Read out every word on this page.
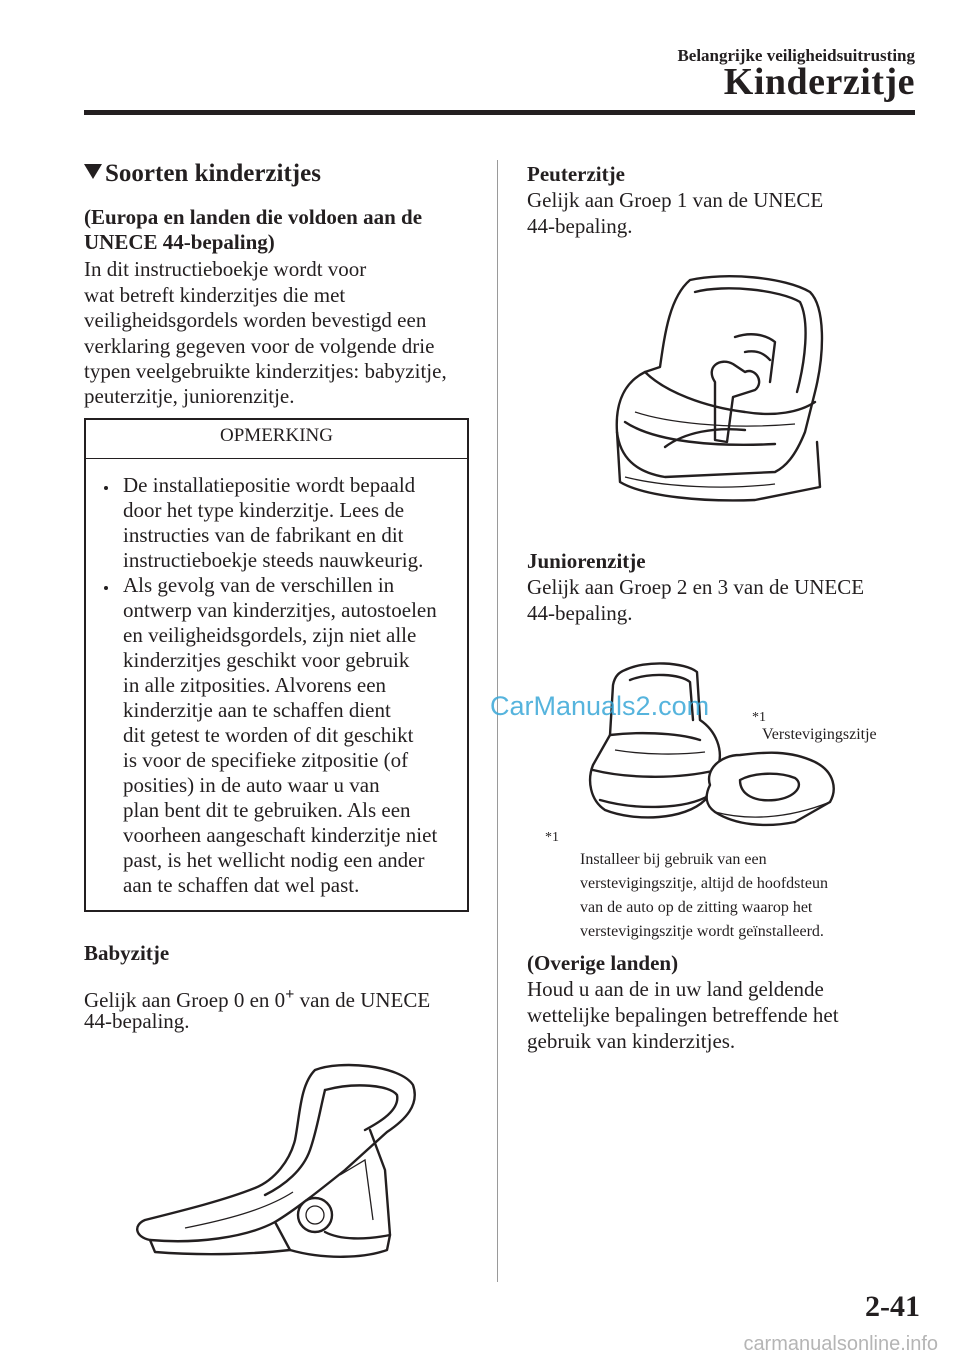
Belangrijke veiligheidsuitrusting
Kinderzitje
Soorten kinderzitjes
(Europa en landen die voldoen aan de
UNECE 44-bepaling)
In dit instructieboekje wordt voor
wat betreft kinderzitjes die met
veiligheidsgordels worden bevestigd een
verklaring gegeven voor de volgende drie
typen veelgebruikte kinderzitjes: babyzitje,
peuterzitje, juniorenzitje.
OPMERKING
De installatiepositie wordt bepaald
door het type kinderzitje. Lees de
instructies van de fabrikant en dit
instructieboekje steeds nauwkeurig.
Als gevolg van de verschillen in
ontwerp van kinderzitjes, autostoelen
en veiligheidsgordels, zijn niet alle
kinderzitjes geschikt voor gebruik
in alle zitposities. Alvorens een
kinderzitje aan te schaffen dient
dit getest te worden of dit geschikt
is voor de specifieke zitpositie (of
posities) in de auto waar u van
plan bent dit te gebruiken. Als een
voorheen aangeschaft kinderzitje niet
past, is het wellicht nodig een ander
aan te schaffen dat wel past.
Babyzitje
Gelijk aan Groep 0 en 0+ van de UNECE
44-bepaling.
Peuterzitje
Gelijk aan Groep 1 van de UNECE
44-bepaling.
Juniorenzitje
Gelijk aan Groep 2 en 3 van de UNECE
44-bepaling.
*1
Verstevigingszitje
*1
Installeer bij gebruik van een
verstevigingszitje, altijd de hoofdsteun
van de auto op de zitting waarop het
verstevigingszitje wordt geïnstalleerd.
(Overige landen)
Houd u aan de in uw land geldende
wettelijke bepalingen betreffende het
gebruik van kinderzitjes.
CarManuals2.com
2-41
carmanualsonline.info
